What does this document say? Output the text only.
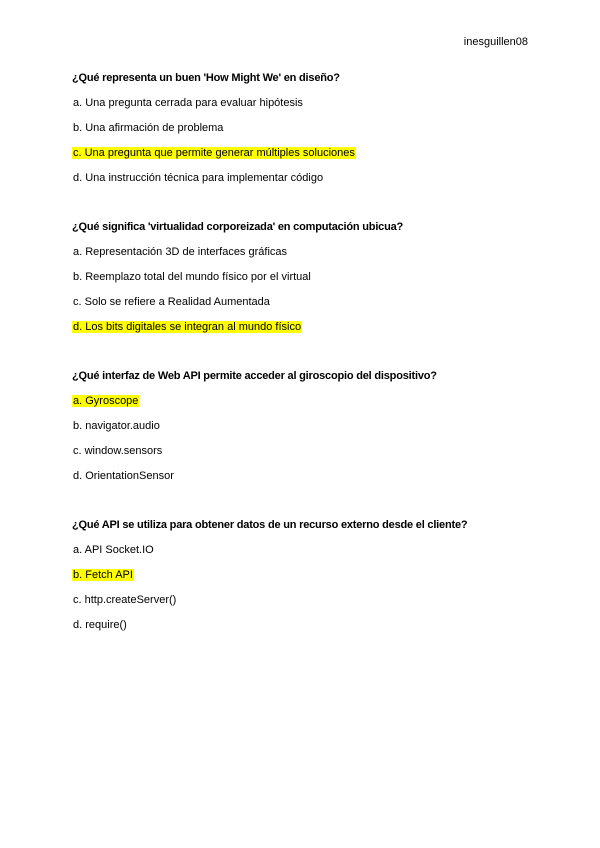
inesguillen08
¿Qué representa un buen 'How Might We' en diseño?
a. Una pregunta cerrada para evaluar hipótesis
b. Una afirmación de problema
c. Una pregunta que permite generar múltiples soluciones
d. Una instrucción técnica para implementar código
¿Qué significa 'virtualidad corporeizada' en computación ubicua?
a. Representación 3D de interfaces gráficas
b. Reemplazo total del mundo físico por el virtual
c. Solo se refiere a Realidad Aumentada
d. Los bits digitales se integran al mundo físico
¿Qué interfaz de Web API permite acceder al giroscopio del dispositivo?
a. Gyroscope
b. navigator.audio
c. window.sensors
d. OrientationSensor
¿Qué API se utiliza para obtener datos de un recurso externo desde el cliente?
a. API Socket.IO
b. Fetch API
c. http.createServer()
d. require()
